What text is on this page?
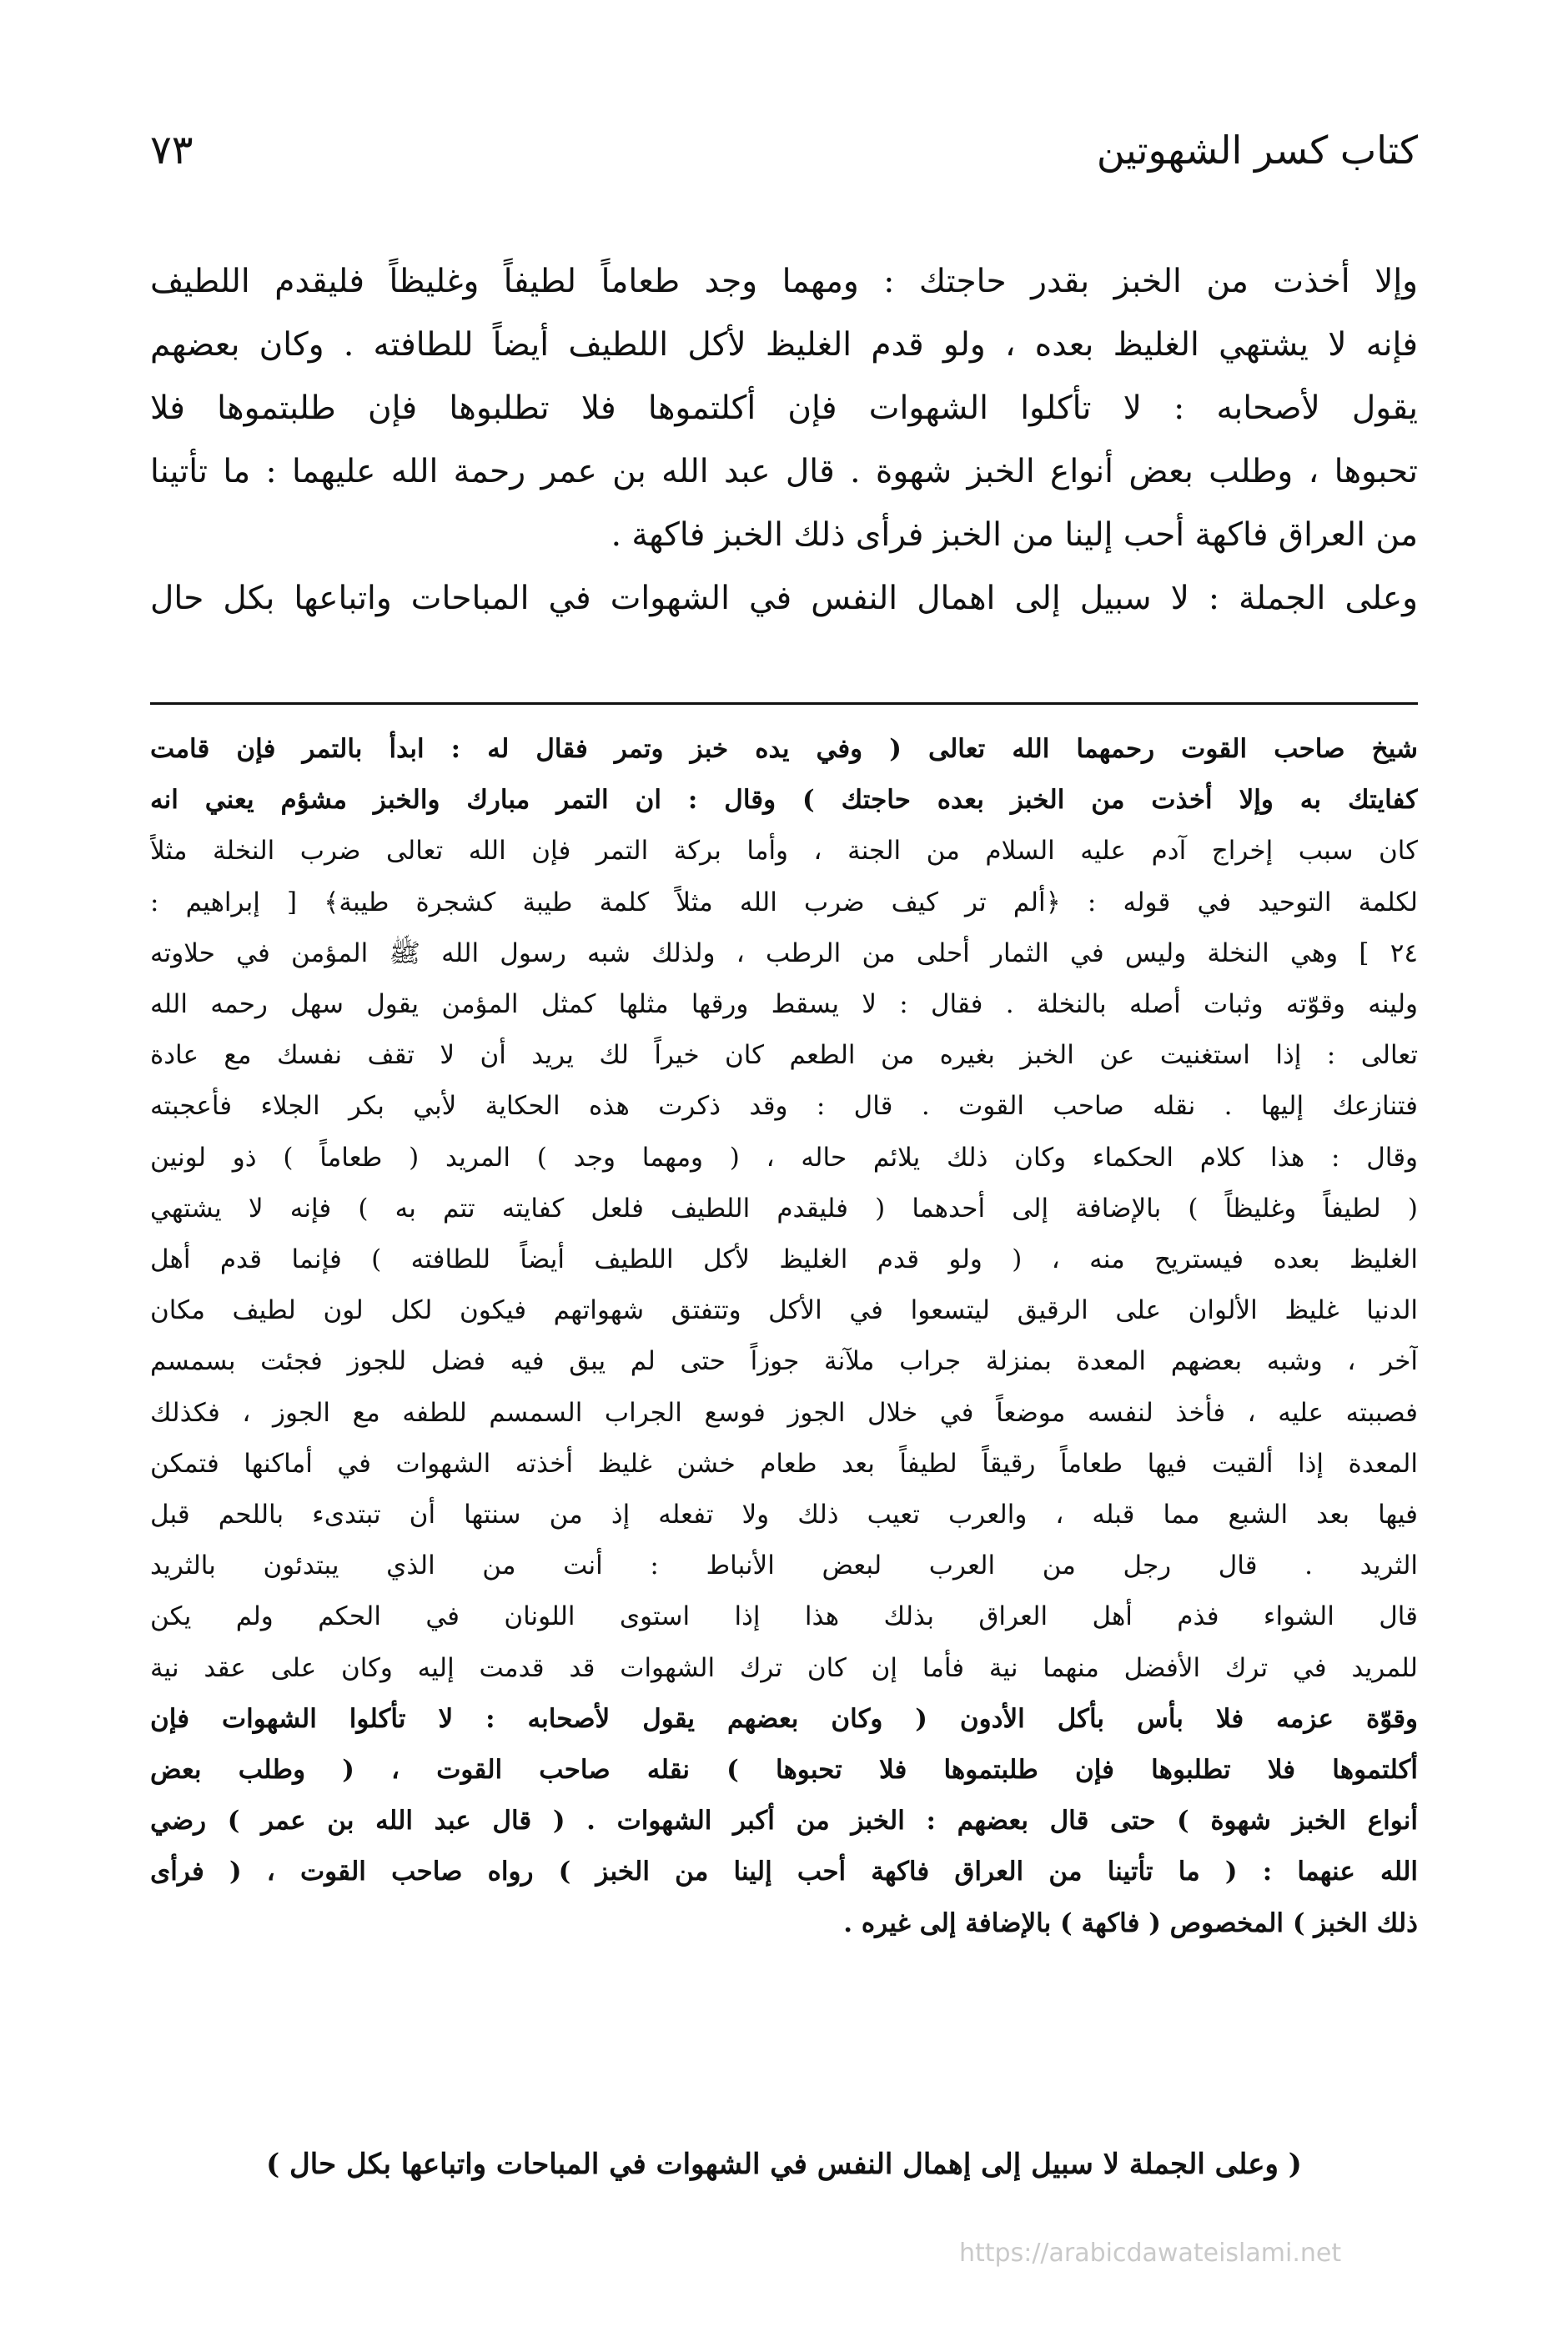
كتاب كسر الشهوتين
٧٣
وإلا أخذت من الخبز بقدر حاجتك : ومهما وجد طعاماً لطيفاً وغليظاً فليقدم اللطيف
فإنه لا يشتهي الغليظ بعده ، ولو قدم الغليظ لأكل اللطيف أيضاً للطافته . وكان بعضهم
يقول لأصحابه : لا تأكلوا الشهوات فإن أكلتموها فلا تطلبوها فإن طلبتموها فلا
تحبوها ، وطلب بعض أنواع الخبز شهوة . قال عبد الله بن عمر رحمة الله عليهما : ما تأتينا
من العراق فاكهة أحب إلينا من الخبز فرأى ذلك الخبز فاكهة .
وعلى الجملة : لا سبيل إلى اهمال النفس في الشهوات في المباحات واتباعها بكل حال
شيخ صاحب القوت رحمهما الله تعالى ( وفي يده خبز وتمر فقال له : ابدأ بالتمر فإن قامت
كفايتك به وإلا أخذت من الخبز بعده حاجتك ) وقال : ان التمر مبارك والخبز مشؤم يعني انه
كان سبب إخراج آدم عليه السلام من الجنة ، وأما بركة التمر فإن الله تعالى ضرب النخلة مثلاً
لكلمة التوحيد في قوله : ﴿ألم تر كيف ضرب الله مثلاً كلمة طيبة كشجرة طيبة﴾ [ إبراهيم :
٢٤ ] وهي النخلة وليس في الثمار أحلى من الرطب ، ولذلك شبه رسول الله ﷺ المؤمن في حلاوته
ولينه وقوّته وثبات أصله بالنخلة . فقال : لا يسقط ورقها مثلها كمثل المؤمن يقول سهل رحمه الله
تعالى : إذا استغنيت عن الخبز بغيره من الطعم كان خيراً لك يريد أن لا تقف نفسك مع عادة
فتنازعك إليها . نقله صاحب القوت . قال : وقد ذكرت هذه الحكاية لأبي بكر الجلاء فأعجبته
وقال : هذا كلام الحكماء وكان ذلك يلائم حاله ، ( ومهما وجد ) المريد ( طعاماً ) ذو لونين
( لطيفاً وغليظاً ) بالإضافة إلى أحدهما ( فليقدم اللطيف فلعل كفايته تتم به ) فإنه لا يشتهي
الغليظ بعده فيستريح منه ، ( ولو قدم الغليظ لأكل اللطيف أيضاً للطافته ) فإنما قدم أهل
الدنيا غليظ الألوان على الرقيق ليتسعوا في الأكل وتتفتق شهواتهم فيكون لكل لون لطيف مكان
آخر ، وشبه بعضهم المعدة بمنزلة جراب ملآنة جوزاً حتى لم يبق فيه فضل للجوز فجئت بسمسم
فصببته عليه ، فأخذ لنفسه موضعاً في خلال الجوز فوسع الجراب السمسم للطفه مع الجوز ، فكذلك
المعدة إذا ألقيت فيها طعاماً رقيقاً لطيفاً بعد طعام خشن غليظ أخذته الشهوات في أماكنها فتمكن
فيها بعد الشبع مما قبله ، والعرب تعيب ذلك ولا تفعله إذ من سنتها أن تبتدىء باللحم قبل
الثريد . قال رجل من العرب لبعض الأنباط : أنت من الذي يبتدئون بالثريد
قال الشواء فذم أهل العراق بذلك هذا إذا استوى اللونان في الحكم ولم يكن
للمريد في ترك الأفضل منهما نية فأما إن كان ترك الشهوات قد قدمت إليه وكان على عقد نية
وقوّة عزمه فلا بأس بأكل الأدون ( وكان بعضهم يقول لأصحابه : لا تأكلوا الشهوات فإن
أكلتموها فلا تطلبوها فإن طلبتموها فلا تحبوها ) نقله صاحب القوت ، ( وطلب بعض
أنواع الخبز شهوة ) حتى قال بعضهم : الخبز من أكبر الشهوات . ( قال عبد الله بن عمر ) رضي
الله عنهما : ( ما تأتينا من العراق فاكهة أحب إلينا من الخبز ) رواه صاحب القوت ، ( فرأى
ذلك الخبز ) المخصوص ( فاكهة ) بالإضافة إلى غيره .
( وعلى الجملة لا سبيل إلى إهمال النفس في الشهوات في المباحات واتباعها بكل حال )
https://arabicdawateislami.net
